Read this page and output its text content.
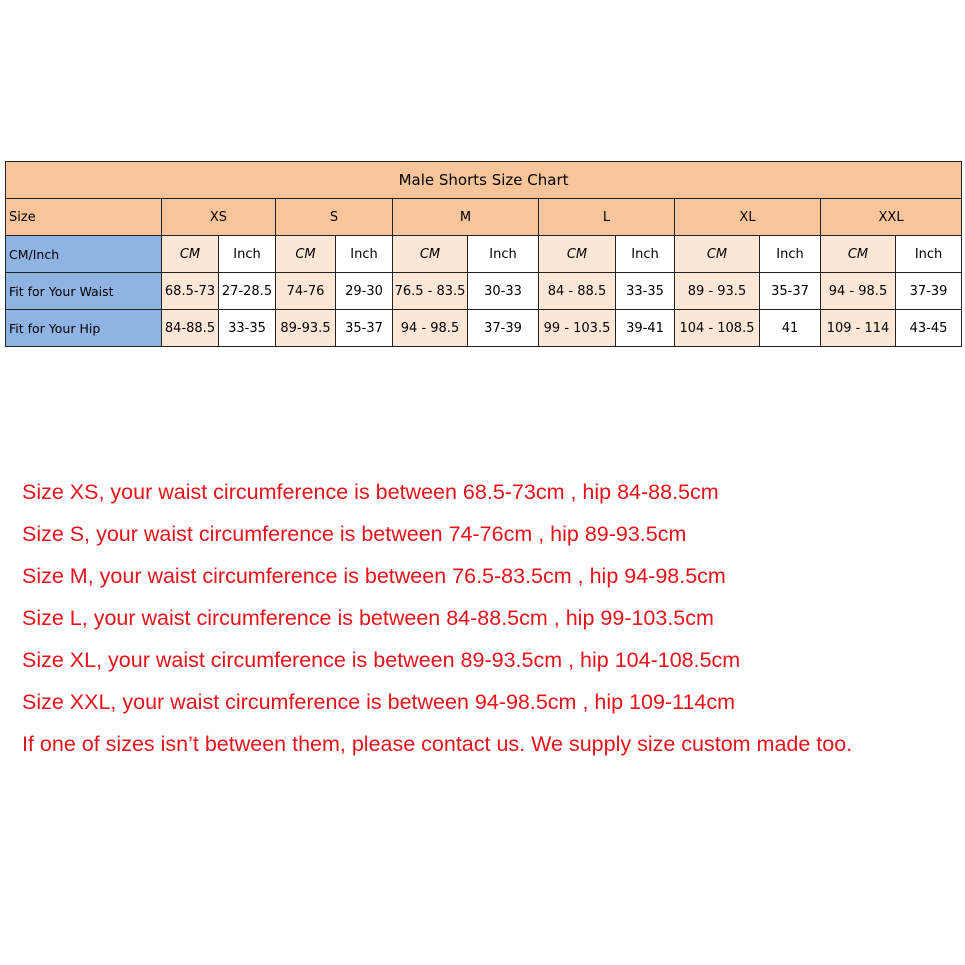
Male Shorts Size Chart												
Size	XS		S		M		L		XL		XXL	
CM/Inch	CM	Inch	CM	Inch	CM	Inch	CM	Inch	CM	Inch	CM	Inch
Fit for Your Waist	68.5-73	27-28.5	74-76	29-30	76.5 - 83.5	30-33	84 - 88.5	33-35	89 - 93.5	35-37	94 - 98.5	37-39
Fit for Your Hip	84-88.5	33-35	89-93.5	35-37	94 - 98.5	37-39	99 - 103.5	39-41	104 - 108.5	41	109 - 114	43-45
Size XS, your waist circumference is between 68.5-73cm , hip 84-88.5cm
Size S, your waist circumference is between 74-76cm , hip 89-93.5cm
Size M, your waist circumference is between 76.5-83.5cm , hip 94-98.5cm
Size L, your waist circumference is between 84-88.5cm , hip 99-103.5cm
Size XL, your waist circumference is between 89-93.5cm , hip 104-108.5cm
Size XXL, your waist circumference is between 94-98.5cm , hip 109-114cm
If one of sizes isn’t between them, please contact us. We supply size custom made too.
